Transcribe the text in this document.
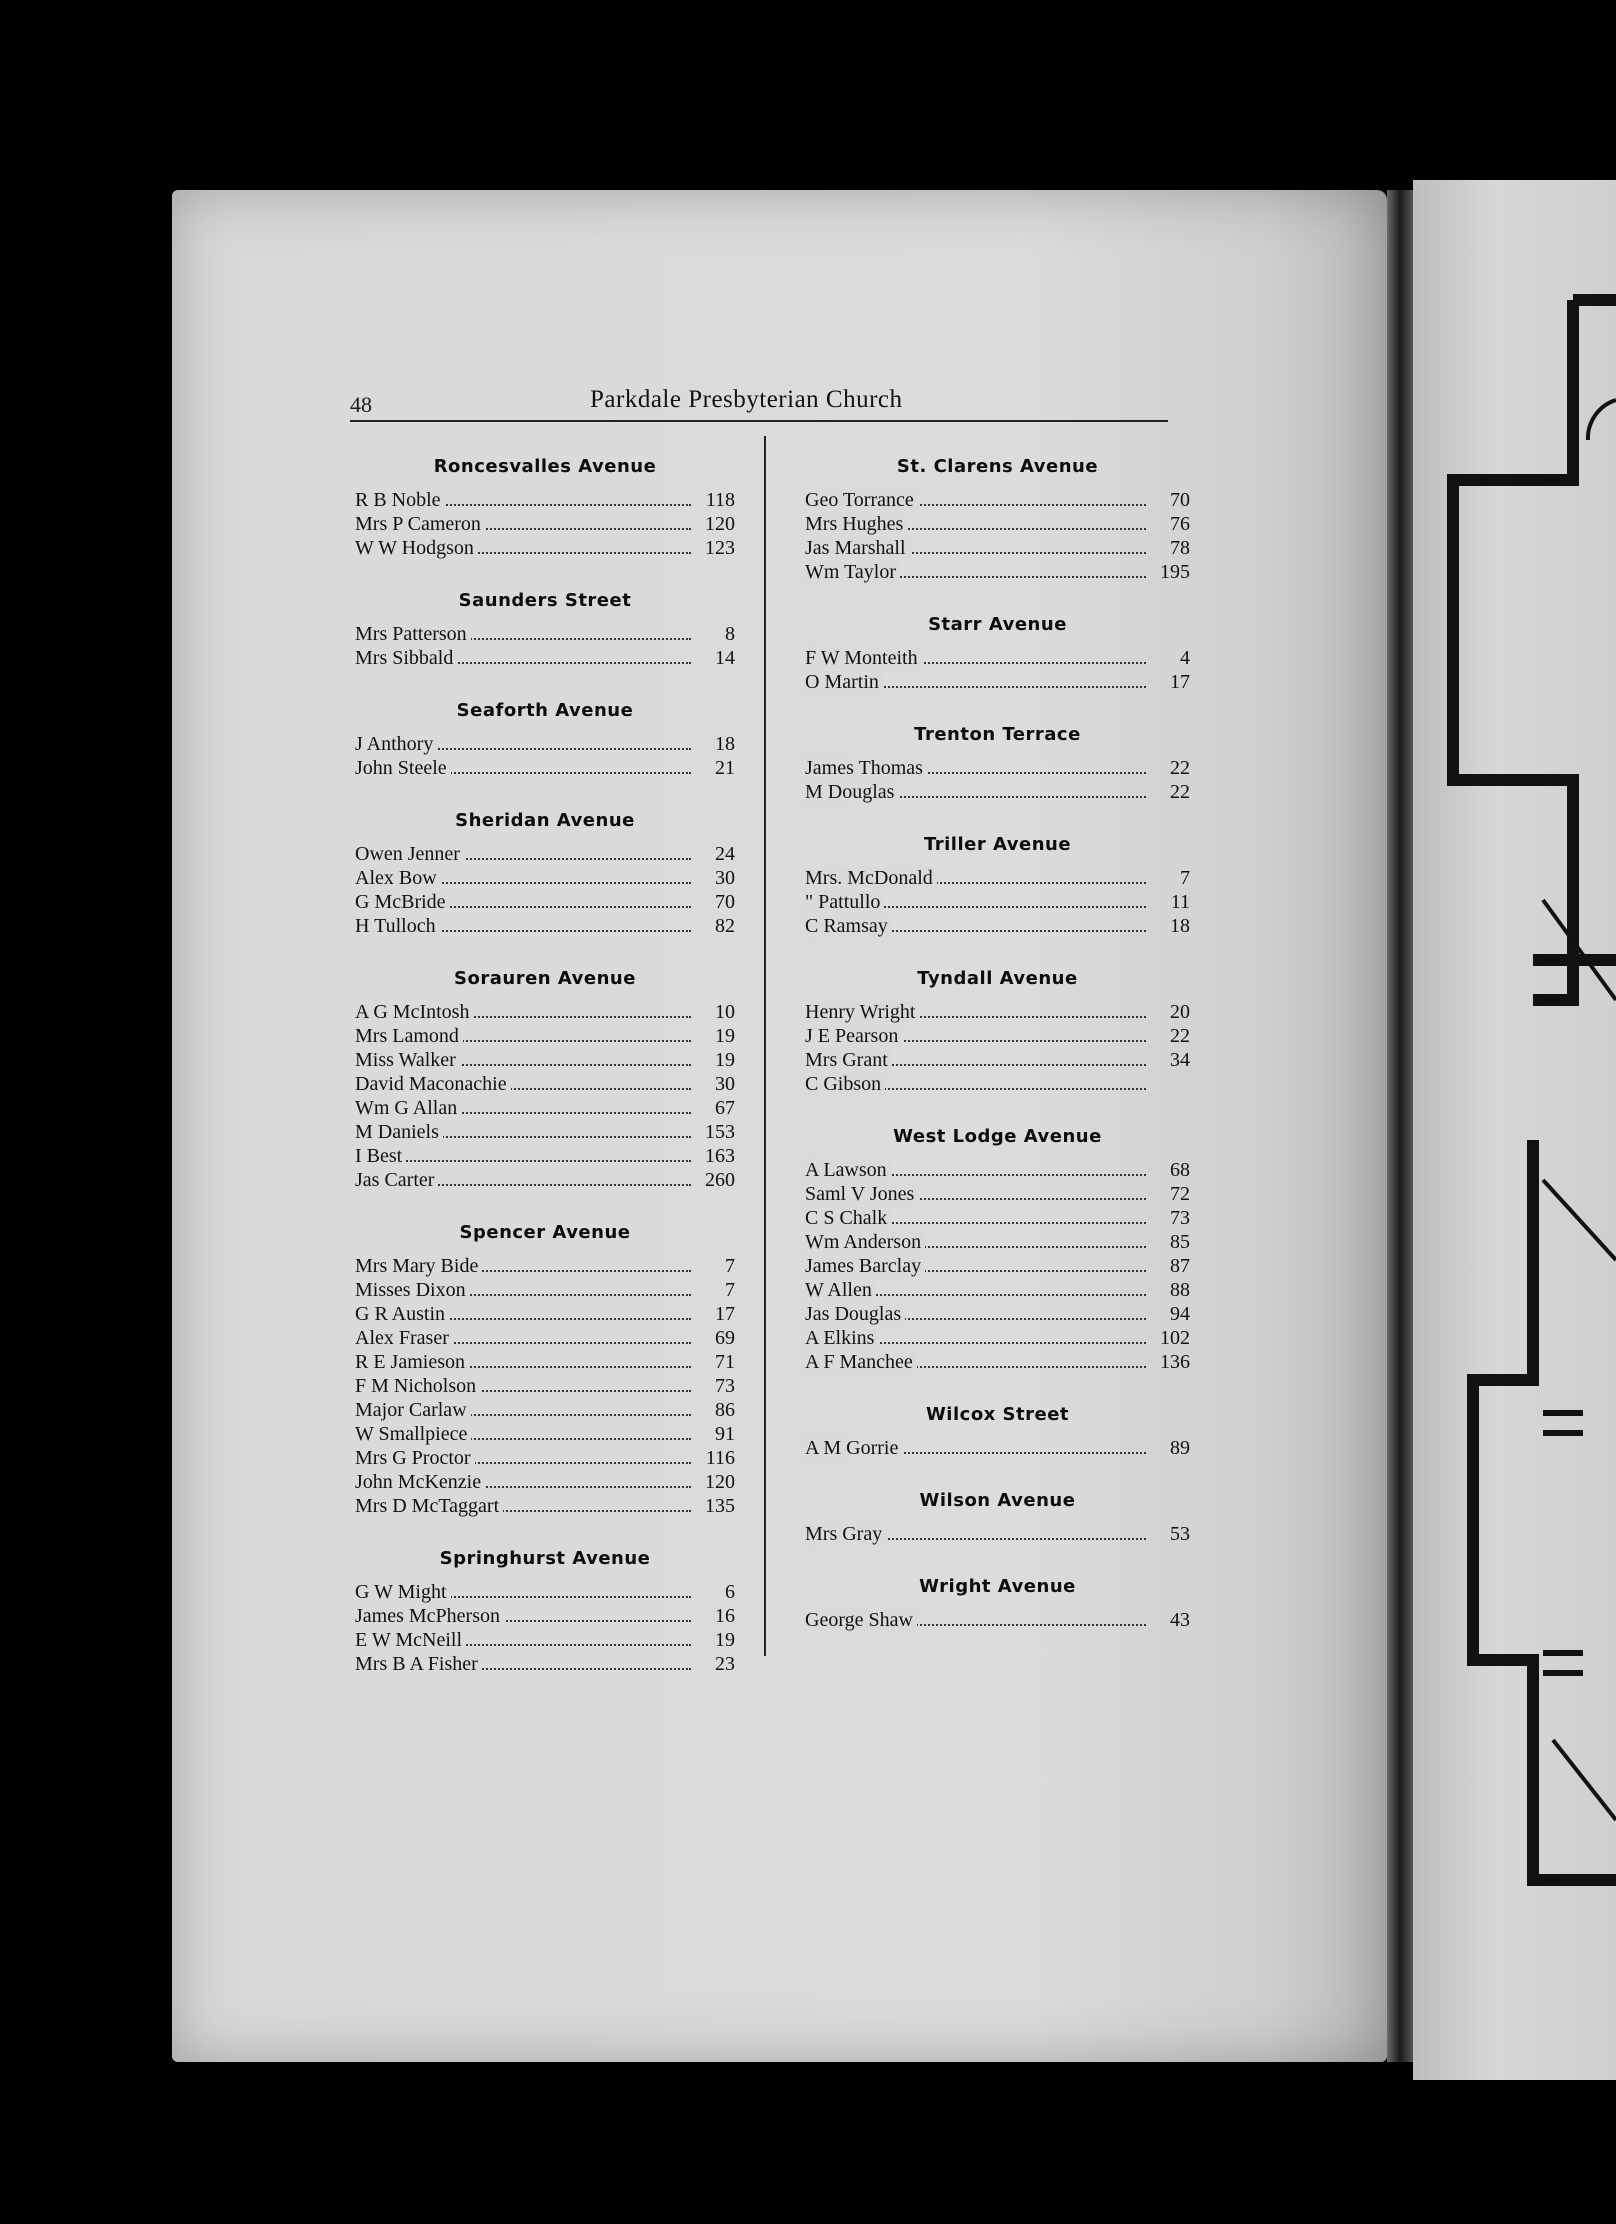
48	Parkdale Presbyterian Church
Roncesvalles Avenue
R B Noble	118
Mrs P Cameron	120
W W Hodgson	123
Saunders Street
Mrs Patterson	8
Mrs Sibbald	14
Seaforth Avenue
J Anthory	18
John Steele	21
Sheridan Avenue
Owen Jenner	24
Alex Bow	30
G McBride	70
H Tulloch	82
Sorauren Avenue
A G McIntosh	10
Mrs Lamond	19
Miss Walker	19
David Maconachie	30
Wm G Allan	67
M Daniels	153
I Best	163
Jas Carter	260
Spencer Avenue
Mrs Mary Bide	7
Misses Dixon	7
G R Austin	17
Alex Fraser	69
R E Jamieson	71
F M Nicholson	73
Major Carlaw	86
W Smallpiece	91
Mrs G Proctor	116
John McKenzie	120
Mrs D McTaggart	135
Springhurst Avenue
G W Might	6
James McPherson	16
E W McNeill	19
Mrs B A Fisher	23
St. Clarens Avenue
Geo Torrance	70
Mrs Hughes	76
Jas Marshall	78
Wm Taylor	195
Starr Avenue
F W Monteith	4
O Martin	17
Trenton Terrace
James Thomas	22
M Douglas	22
Triller Avenue
Mrs. McDonald	7
" Pattullo	11
C Ramsay	18
Tyndall Avenue
Henry Wright	20
J E Pearson	22
Mrs Grant	34
C Gibson
West Lodge Avenue
A Lawson	68
Saml V Jones	72
C S Chalk	73
Wm Anderson	85
James Barclay	87
W Allen	88
Jas Douglas	94
A Elkins	102
A F Manchee	136
Wilcox Street
A M Gorrie	89
Wilson Avenue
Mrs Gray	53
Wright Avenue
George Shaw	43
